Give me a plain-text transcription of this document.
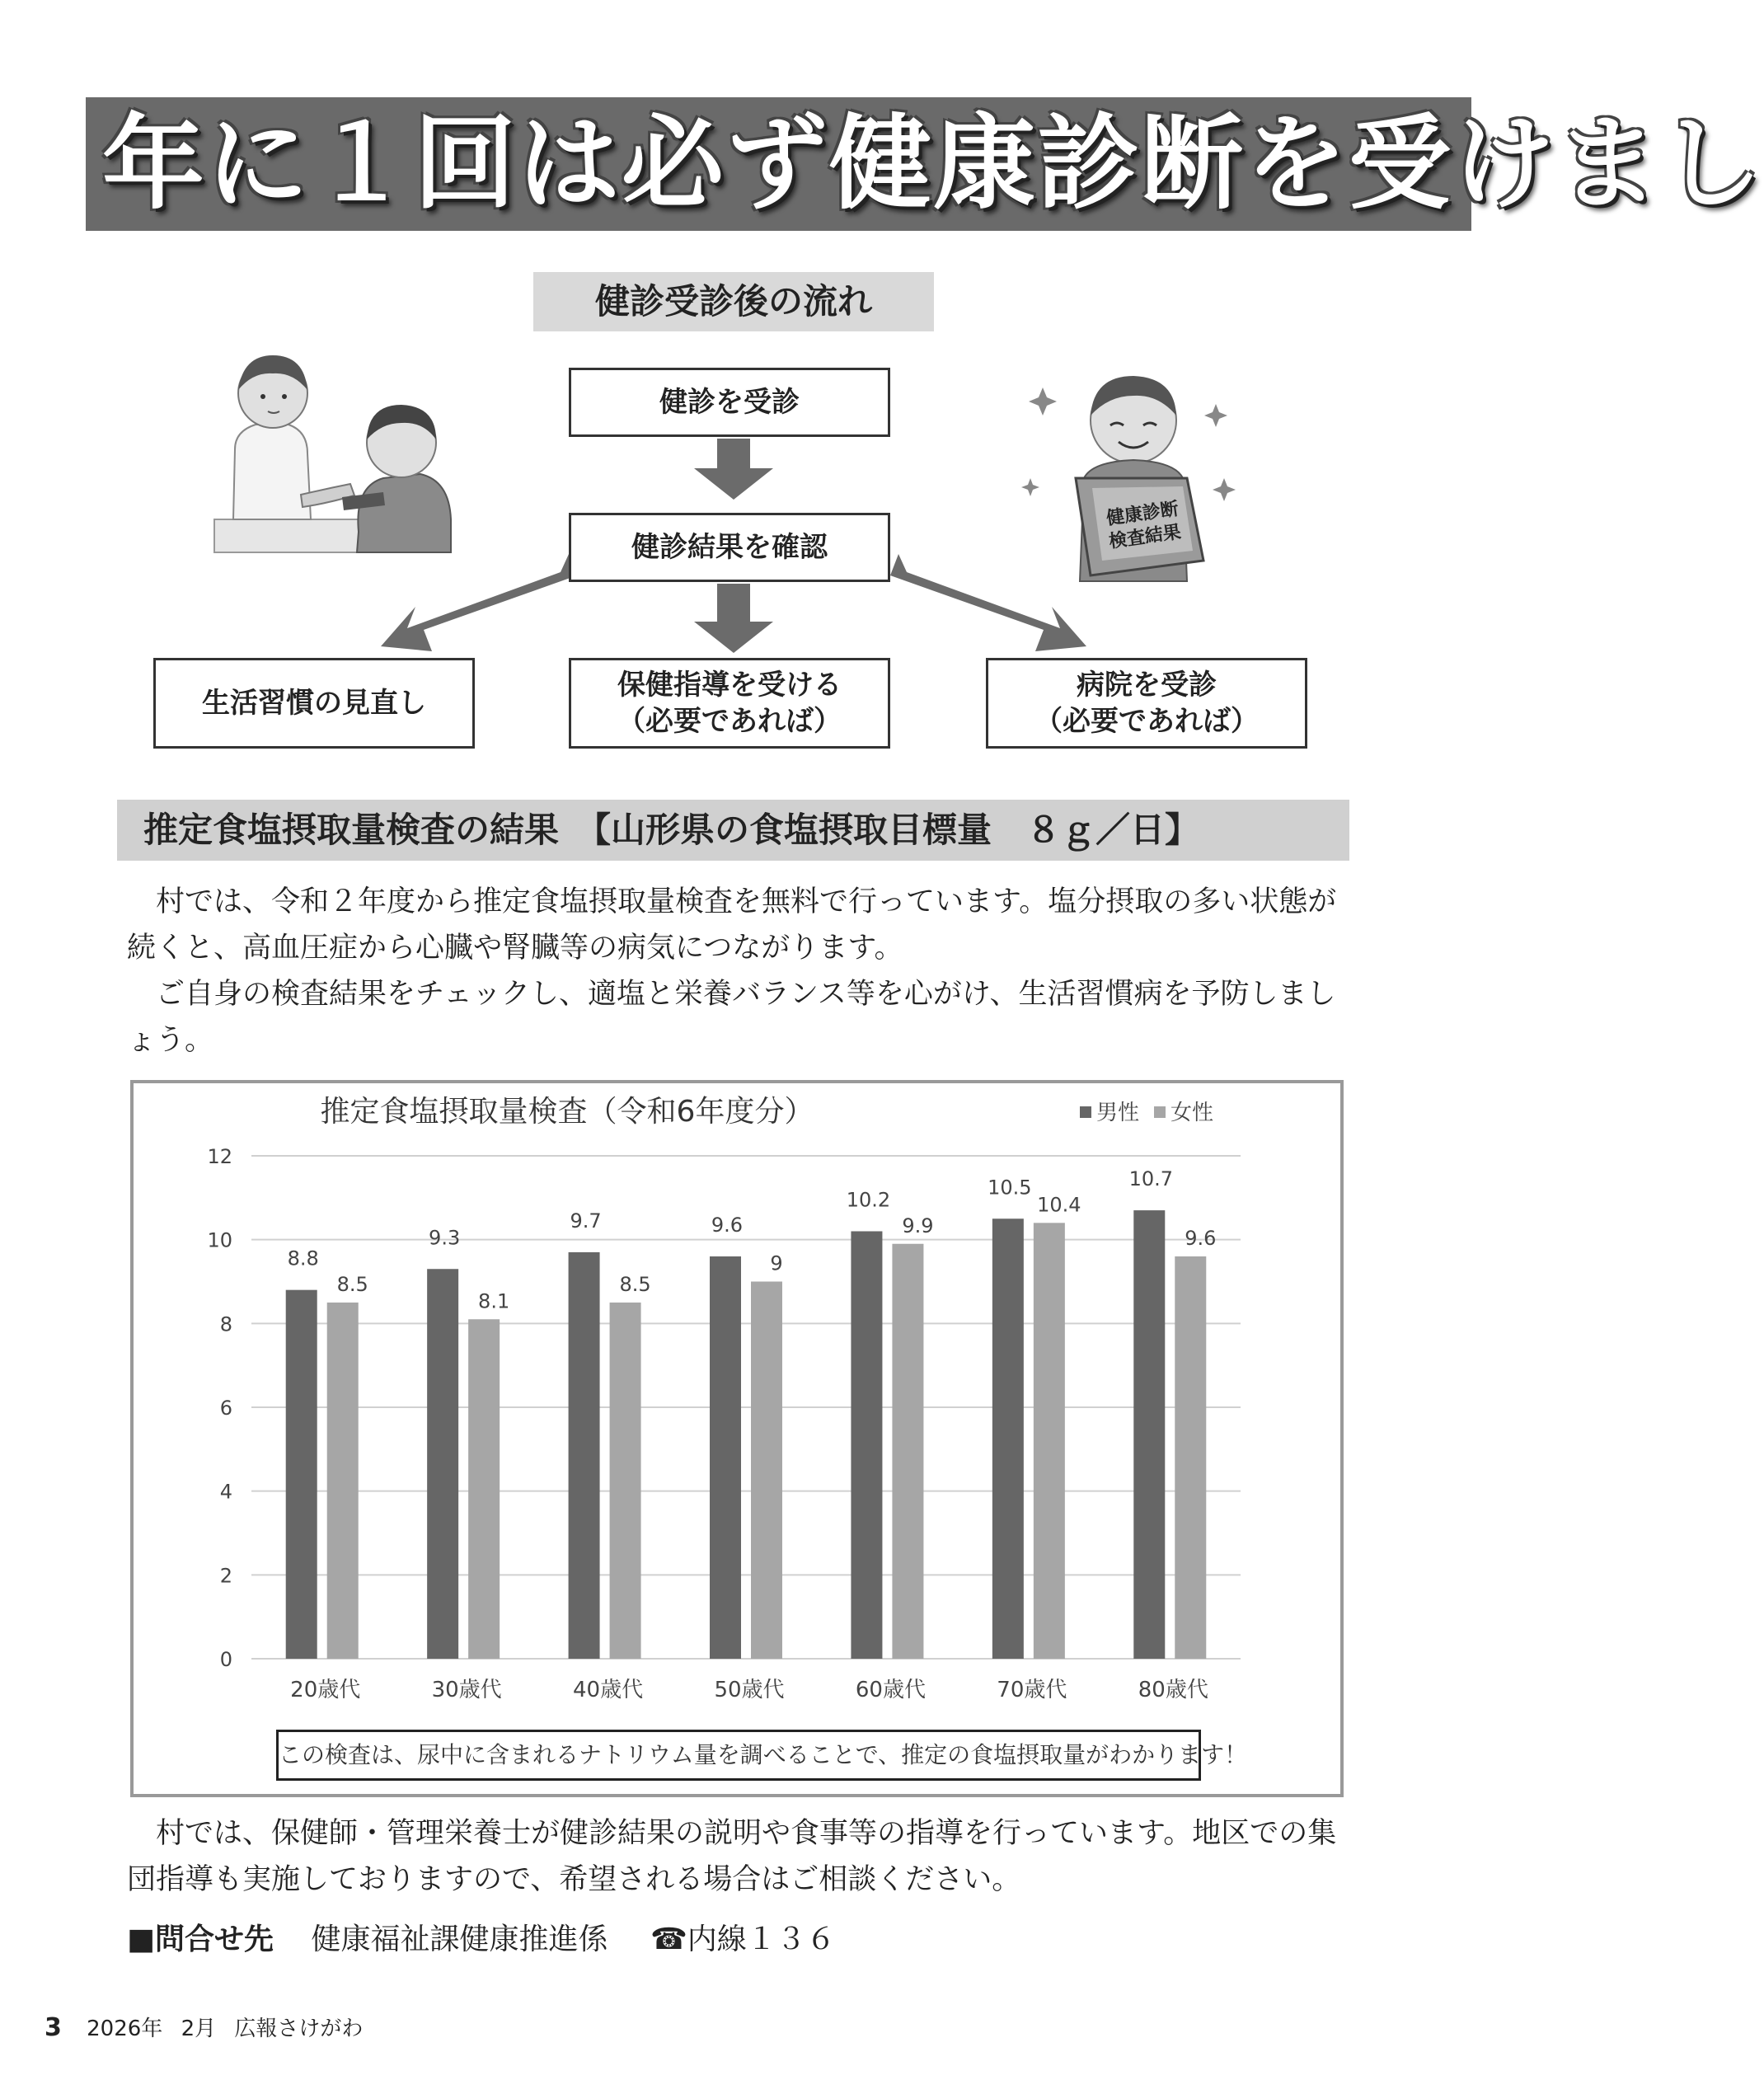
年に１回は必ず健康診断を受けまし
健診受診後の流れ
健診を受診
健診結果を確認
生活習慣の見直し
保健指導を受ける
（必要であれば）
病院を受診
（必要であれば）
健康診断
検査結果
推定食塩摂取量検査の結果　【山形県の食塩摂取目標量　８ｇ／日】
　村では、令和２年度から推定食塩摂取量検査を無料で行っています。塩分摂取の多い状態が続くと、高血圧症から心臓や腎臓等の病気につながります。
　ご自身の検査結果をチェックし、適塩と栄養バランス等を心がけ、生活習慣病を予防しましょう。
推定食塩摂取量検査（令和6年度分）	男性 女性
0
2
4
6
8
10
12
8.8
8.5
20歳代
9.3
8.1
30歳代
9.7
8.5
40歳代
9.6
9
50歳代
10.2
9.9
60歳代
10.5
10.4
70歳代
10.7
9.6
80歳代
この検査は、尿中に含まれるナトリウム量を調べることで、推定の食塩摂取量がわかります！
　村では、保健師・管理栄養士が健診結果の説明や食事等の指導を行っています。地区での集団指導も実施しておりますので、希望される場合はご相談ください。
■問合せ先 健康福祉課健康推進係 ☎内線１３６
3 2026年 2月 広報さけがわ
